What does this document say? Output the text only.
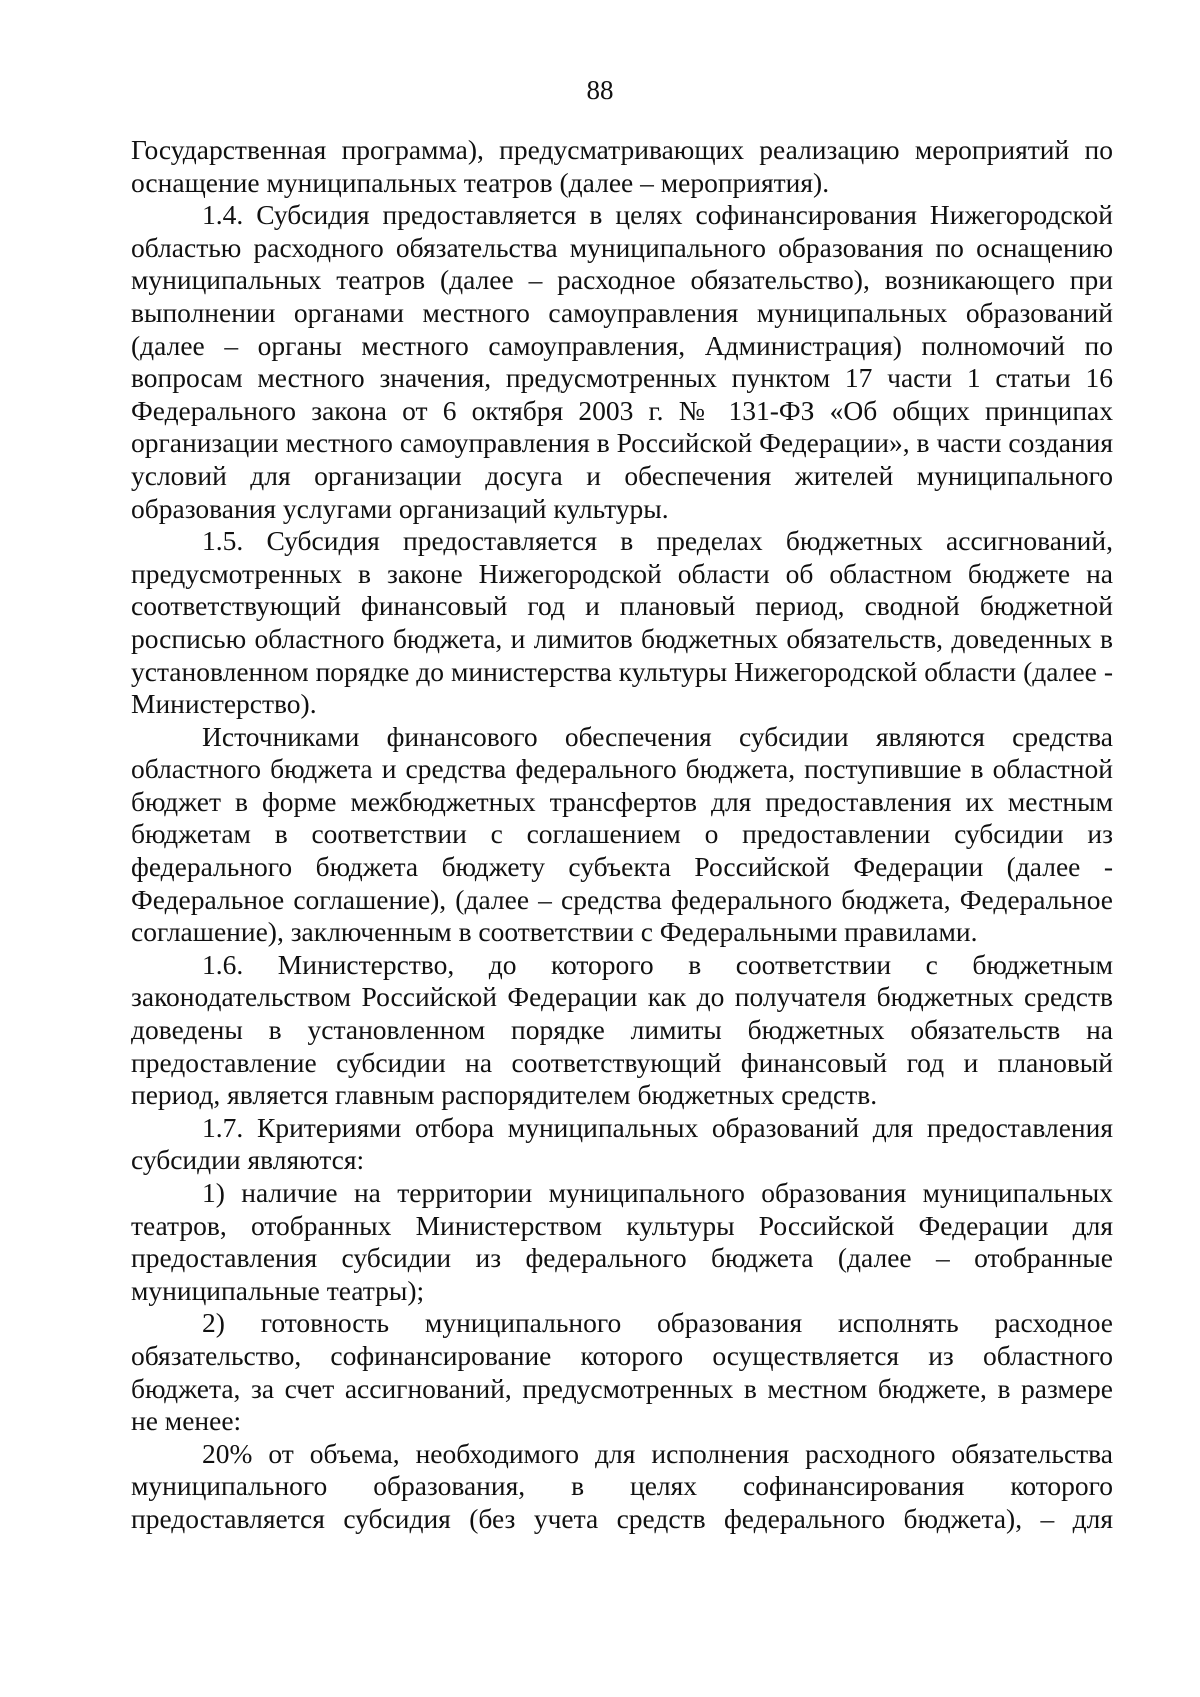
88

Государственная программа), предусматривающих реализацию мероприятий по оснащение муниципальных театров (далее – мероприятия).

1.4. Субсидия предоставляется в целях софинансирования Нижегородской областью расходного обязательства муниципального образования по оснащению муниципальных театров (далее – расходное обязательство), возникающего при выполнении органами местного самоуправления муниципальных образований (далее – органы местного самоуправления, Администрация) полномочий по вопросам местного значения, предусмотренных пунктом 17 части 1 статьи 16 Федерального закона от 6 октября 2003 г. № 131-ФЗ «Об общих принципах организации местного самоуправления в Российской Федерации», в части создания условий для организации досуга и обеспечения жителей муниципального образования услугами организаций культуры.

1.5. Субсидия предоставляется в пределах бюджетных ассигнований, предусмотренных в законе Нижегородской области об областном бюджете на соответствующий финансовый год и плановый период, сводной бюджетной росписью областного бюджета, и лимитов бюджетных обязательств, доведенных в установленном порядке до министерства культуры Нижегородской области (далее - Министерство).

Источниками финансового обеспечения субсидии являются средства областного бюджета и средства федерального бюджета, поступившие в областной бюджет в форме межбюджетных трансфертов для предоставления их местным бюджетам в соответствии с соглашением о предоставлении субсидии из федерального бюджета бюджету субъекта Российской Федерации (далее - Федеральное соглашение), (далее – средства федерального бюджета, Федеральное соглашение), заключенным в соответствии с Федеральными правилами.

1.6. Министерство, до которого в соответствии с бюджетным законодательством Российской Федерации как до получателя бюджетных средств доведены в установленном порядке лимиты бюджетных обязательств на предоставление субсидии на соответствующий финансовый год и плановый период, является главным распорядителем бюджетных средств.

1.7. Критериями отбора муниципальных образований для предоставления субсидии являются:

1) наличие на территории муниципального образования муниципальных театров, отобранных Министерством культуры Российской Федерации для предоставления субсидии из федерального бюджета (далее – отобранные муниципальные театры);

2) готовность муниципального образования исполнять расходное обязательство, софинансирование которого осуществляется из областного бюджета, за счет ассигнований, предусмотренных в местном бюджете, в размере не менее:

20% от объема, необходимого для исполнения расходного обязательства муниципального образования, в целях софинансирования которого предоставляется субсидия (без учета средств федерального бюджета), – для
